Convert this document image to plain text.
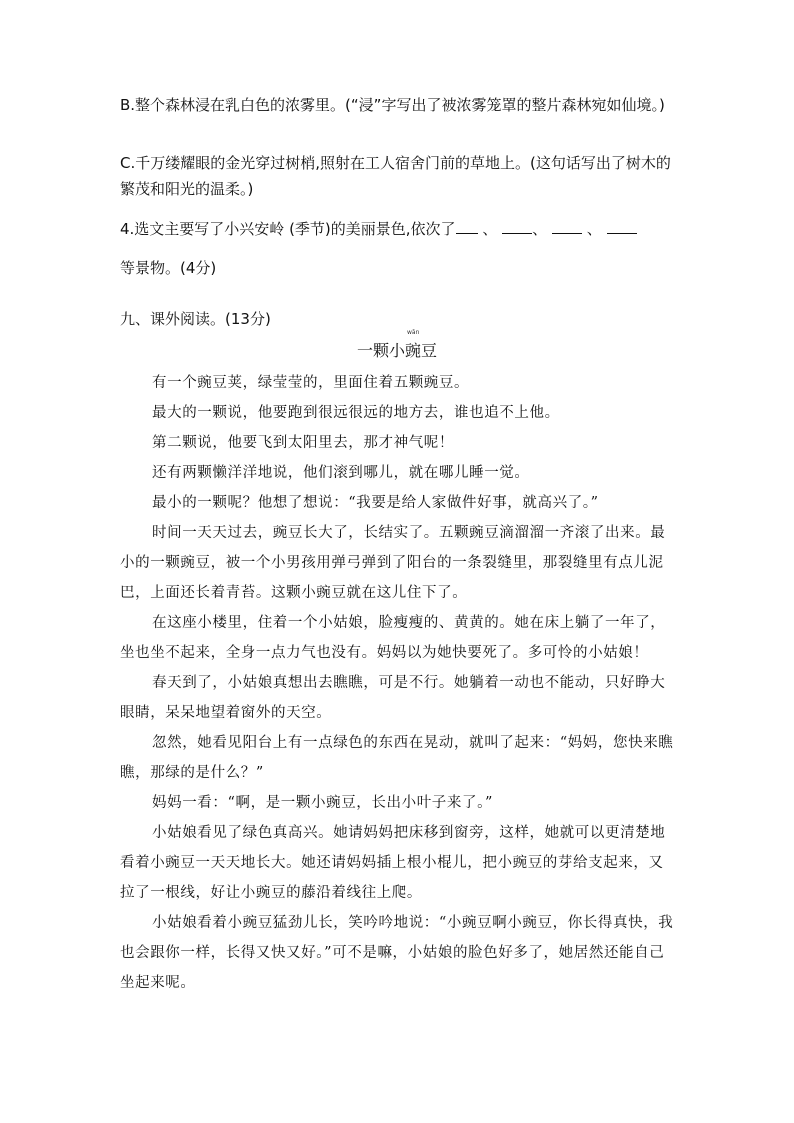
B.整个森林浸在乳白色的浓雾里。(“浸”字写出了被浓雾笼罩的整片森林宛如仙境。)

C.千万缕耀眼的金光穿过树梢,照射在工人宿舍门前的草地上。(这句话写出了树木的繁茂和阳光的温柔。)

4.选文主要写了小兴安岭 (季节)的美丽景色,依次了 、 、	、

等景物。(4分)

九、课外阅读。(13分)

一颗小
wān
豌豆

有一个豌豆荚，绿莹莹的，里面住着五颗豌豆。

最大的一颗说，他要跑到很远很远的地方去，谁也追不上他。

第二颗说，他要飞到太阳里去，那才神气呢！

还有两颗懒洋洋地说，他们滚到哪儿，就在哪儿睡一觉。

最小的一颗呢？他想了想说：“我要是给人家做件好事，就高兴了。”

时间一天天过去，豌豆长大了，长结实了。五颗豌豆滴溜溜一齐滚了出来。最小的一颗豌豆，被一个小男孩用弹弓弹到了阳台的一条裂缝里，那裂缝里有点儿泥巴，上面还长着青苔。这颗小豌豆就在这儿住下了。

在这座小楼里，住着一个小姑娘，脸瘦瘦的、黄黄的。她在床上躺了一年了，坐也坐不起来，全身一点力气也没有。妈妈以为她快要死了。多可怜的小姑娘！

春天到了，小姑娘真想出去瞧瞧，可是不行。她躺着一动也不能动，只好睁大眼睛，呆呆地望着窗外的天空。

忽然，她看见阳台上有一点绿色的东西在晃动，就叫了起来：“妈妈，您快来瞧瞧，那绿的是什么？”

妈妈一看：“啊，是一颗小豌豆，长出小叶子来了。”

小姑娘看见了绿色真高兴。她请妈妈把床移到窗旁，这样，她就可以更清楚地看着小豌豆一天天地长大。她还请妈妈插上根小棍儿，把小豌豆的芽给支起来，又拉了一根线，好让小豌豆的藤沿着线往上爬。

小姑娘看着小豌豆猛劲儿长，笑吟吟地说：“小豌豆啊小豌豆，你长得真快，我也会跟你一样，长得又快又好。”可不是嘛，小姑娘的脸色好多了，她居然还能自己坐起来呢。
